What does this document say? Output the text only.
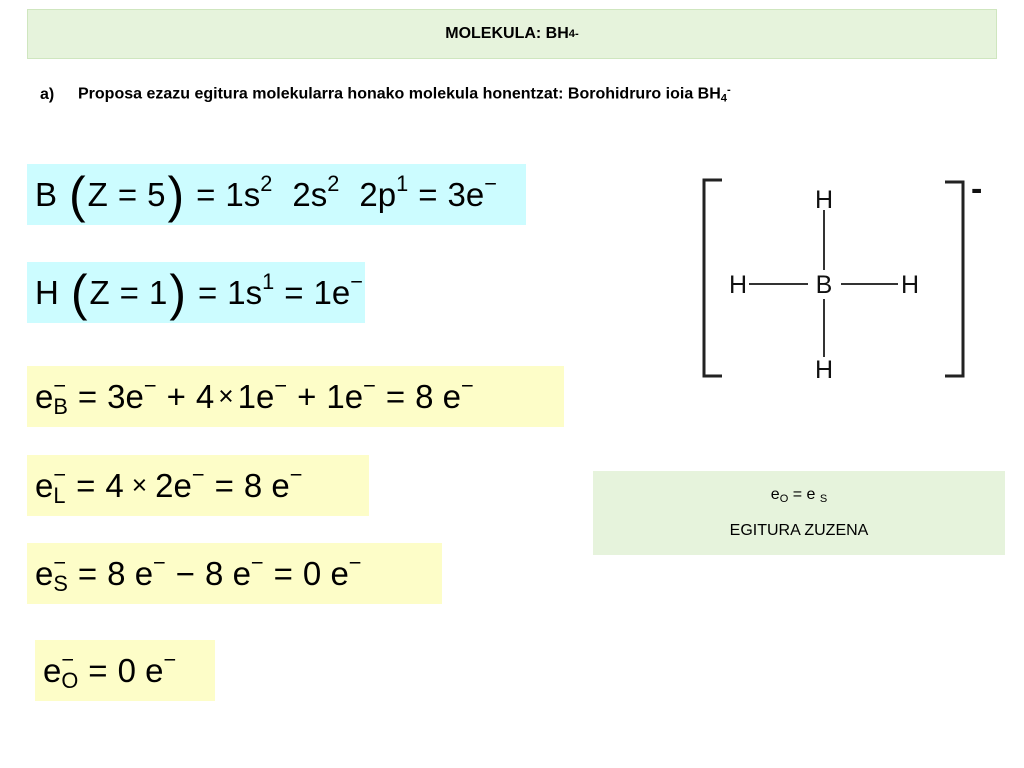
MOLEKULA: BH 4 -
a) Proposa ezazu egitura molekularra honako molekula honentzat: Borohidruro ioia $BH_4^-$
B ( Z = 5 ) = 1s 2 2s 2 2p 1 = 3e −
H ( Z = 1 ) = 1s 1 = 1e −
e −
B = 3e − + 4 × 1e − + 1e − = 8 e −
e −
L = 4 × 2e − = 8 e −
e −
S = 8 e − − 8 e − = 0 e −
e −
O = 0 e −
-
H
B
H	H
H
eO = e S
EGITURA ZUZENA
